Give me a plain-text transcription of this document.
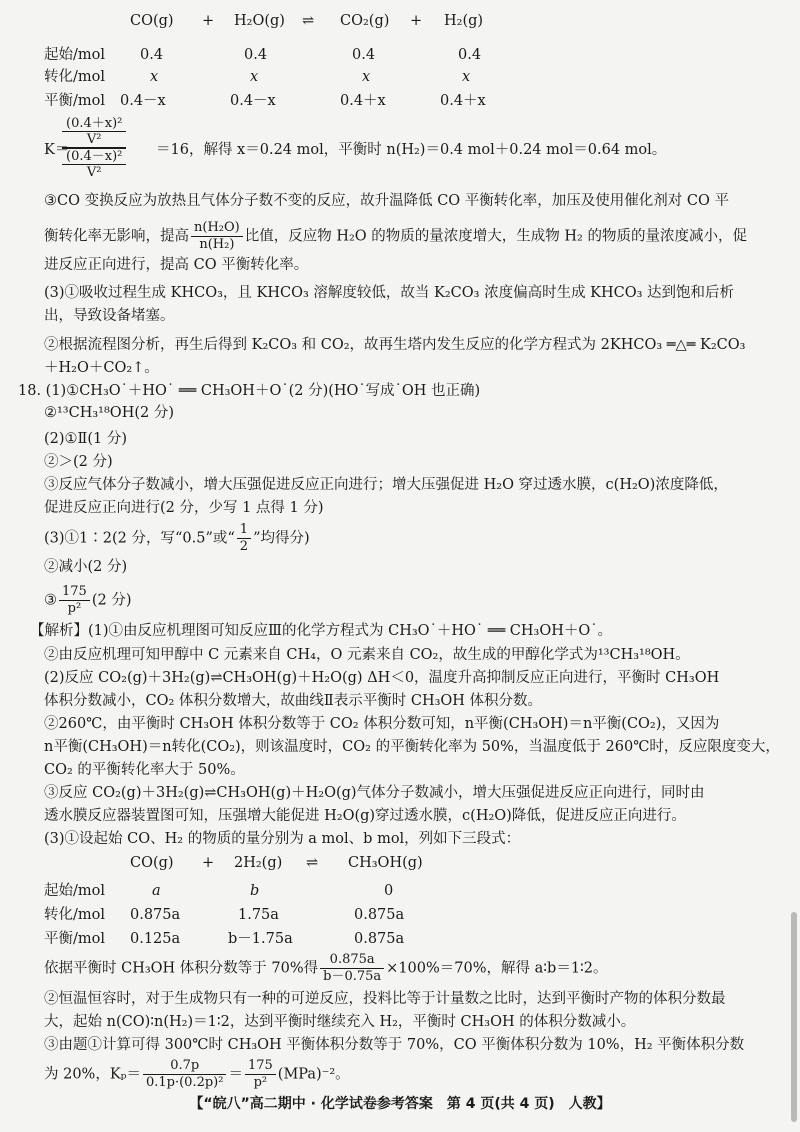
CO(g) + H₂O(g) ⇌ CO₂(g) + H₂(g)
起始/mol 0.4	0.4	0.4	0.4
转化/mol	x	x	x	x
平衡/mol 0.4－x	0.4－x	0.4＋x	0.4＋x
K＝
(0.4＋x)²
V²
(0.4－x)²
V²
＝16，解得 x＝0.24 mol，平衡时 n(H₂)＝0.4 mol＋0.24 mol＝0.64 mol。
③CO 变换反应为放热且气体分子数不变的反应，故升温降低 CO 平衡转化率，加压及使用催化剂对 CO 平
衡转化率无影响，提高 $\frac{\text{n(H₂O)}}{\text{n(H₂)}}$ 比值，反应物 H₂O 的物质的量浓度增大，生成物 H₂ 的物质的量浓度减小，促
进反应正向进行，提高 CO 平衡转化率。
(3)①吸收过程生成 KHCO₃，且 KHCO₃ 溶解度较低，故当 K₂CO₃ 浓度偏高时生成 KHCO₃ 达到饱和后析
出，导致设备堵塞。
②根据流程图分析，再生后得到 K₂CO₃ 和 CO₂，故再生塔内发生反应的化学方程式为 2KHCO₃ ═△═ K₂CO₃
＋H₂O＋CO₂↑。
18. (1)①CH₃O˙＋HO˙ ══ CH₃OH＋O˙(2 分)(HO˙写成˙OH 也正确)
②¹³CH₃¹⁸OH(2 分)
(2)①Ⅱ(1 分)
②＞(2 分)
③反应气体分子数减小，增大压强促进反应正向进行；增大压强促进 H₂O 穿过透水膜，c(H₂O)浓度降低，
促进反应正向进行(2 分，少写 1 点得 1 分)
(3)①1∶2(2 分，写“0.5”或“ $\frac{1}{2}$ ”均得分)
②减小(2 分)
③ $\frac{175}{\text{p²}} (2$ 分)
【解析】(1)①由反应机理图可知反应Ⅲ的化学方程式为 CH₃O˙＋HO˙ ══ CH₃OH＋O˙。
②由反应机理可知甲醇中 C 元素来自 CH₄，O 元素来自 CO₂，故生成的甲醇化学式为¹³CH₃¹⁸OH。
(2)反应 CO₂(g)＋3H₂(g)⇌CH₃OH(g)＋H₂O(g) ΔH＜0，温度升高抑制反应正向进行，平衡时 CH₃OH
体积分数减小，CO₂ 体积分数增大，故曲线Ⅱ表示平衡时 CH₃OH 体积分数。
②260℃，由平衡时 CH₃OH 体积分数等于 CO₂ 体积分数可知，n平衡(CH₃OH)＝n平衡(CO₂)，又因为
n平衡(CH₃OH)＝n转化(CO₂)，则该温度时，CO₂ 的平衡转化率为 50%，当温度低于 260℃时，反应限度变大，
CO₂ 的平衡转化率大于 50%。
③反应 CO₂(g)＋3H₂(g)⇌CH₃OH(g)＋H₂O(g)气体分子数减小，增大压强促进反应正向进行，同时由
透水膜反应器装置图可知，压强增大能促进 H₂O(g)穿过透水膜，c(H₂O)降低，促进反应正向进行。
(3)①设起始 CO、H₂ 的物质的量分别为 a mol、b mol，列如下三段式：
CO(g) + 2H₂(g) ⇌ CH₃OH(g)
起始/mol	a	b	0
转化/mol 0.875a	1.75a	0.875a
平衡/mol 0.125a	b－1.75a	0.875a
依据平衡时 CH₃OH 体积分数等于 70%得 $\frac{0.875a}{b-0.75a} \times 100\%=70\%$，解得 a∶b＝1∶2。
②恒温恒容时，对于生成物只有一种的可逆反应，投料比等于计量数之比时，达到平衡时产物的体积分数最
大，起始 n(CO)∶n(H₂)＝1∶2，达到平衡时继续充入 H₂，平衡时 CH₃OH 的体积分数减小。
③由题①计算可得 300℃时 CH₃OH 平衡体积分数等于 70%，CO 平衡体积分数为 10%，H₂ 平衡体积分数
为 20%，$K_p= \frac{0.7p}{\text{0.1p·(0.2p)²}} = \frac{175}{\text{p²}} (MPa)^{-2}$。
【“皖八”高二期中 · 化学试卷参考答案　第 4 页(共 4 页)　人教】
